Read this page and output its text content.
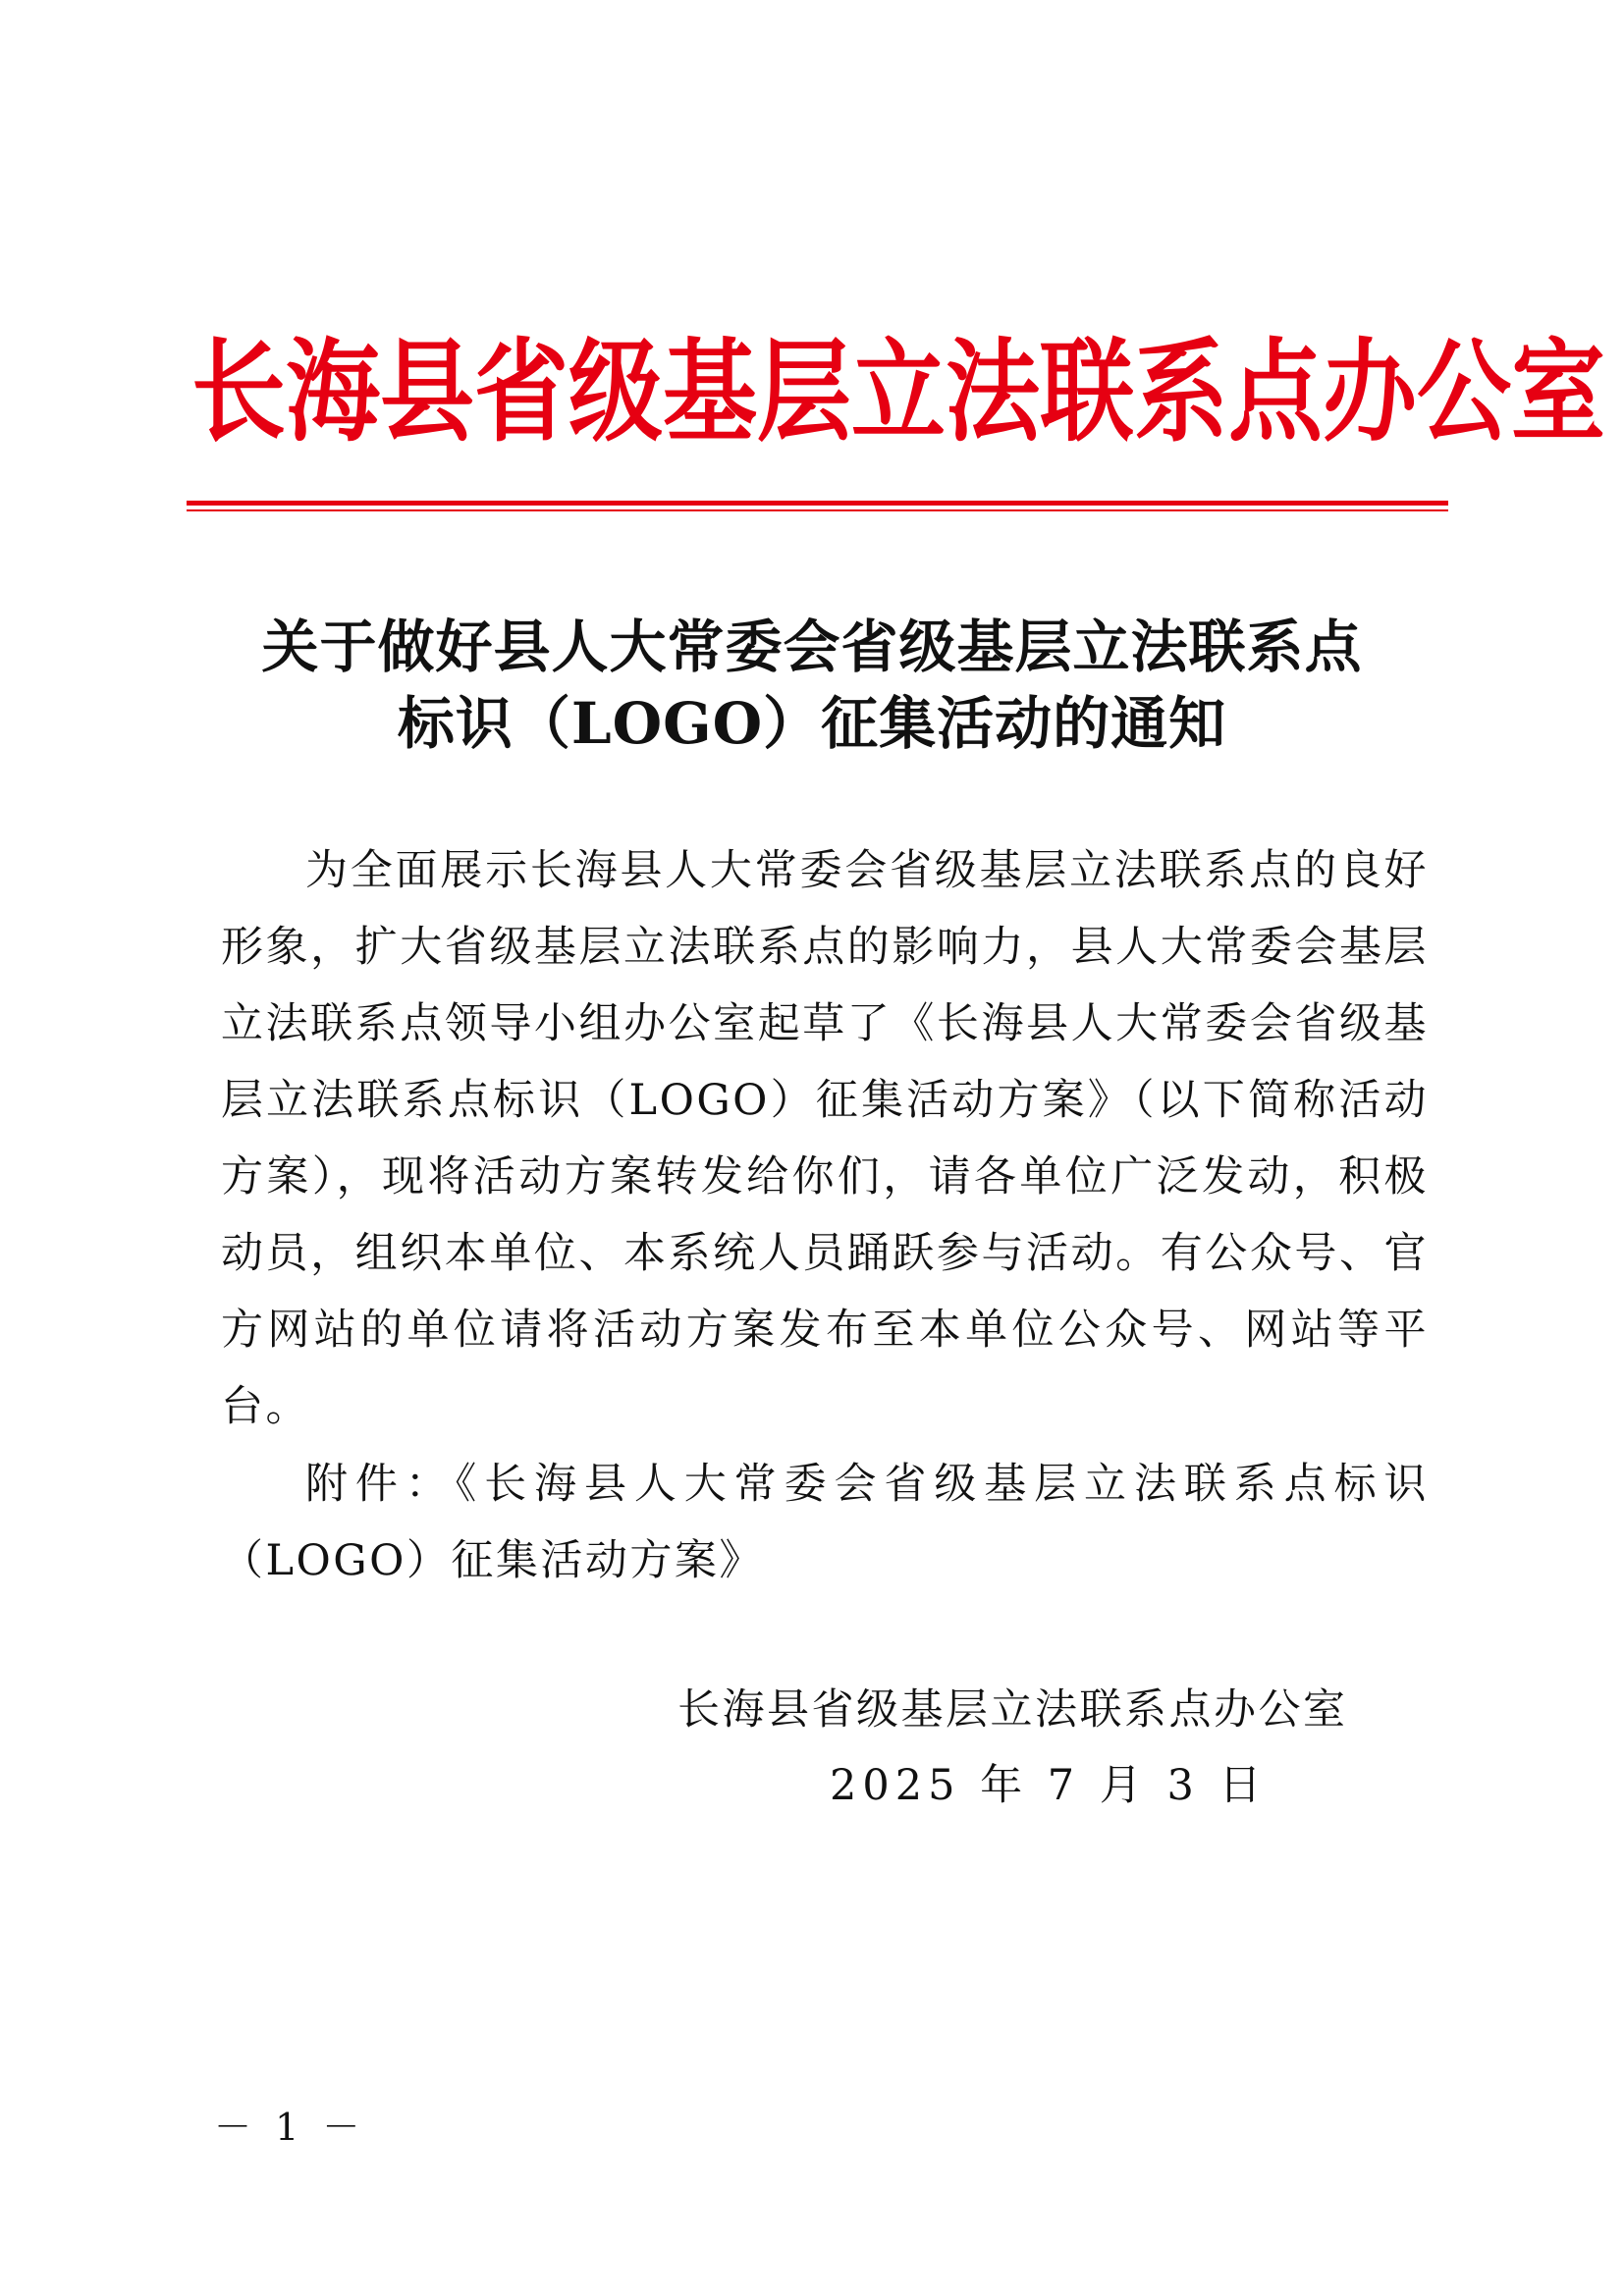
长 海 县 省 级 基 层 立 法 联 系 点 办 公 室
关于做好县人大常委会省级基层立法联系点
标识（LOGO）征集活动的通知
为全面展示长海县人大常委会省级基层立法联系点的良好形象，扩大省级基层立法联系点的影响力，县人大常委会基层立法联系点领导小组办公室起草了《长海县人大常委会省级基层立法联系点标识（LOGO）征集活动方案》（以下简称活动方案），现将活动方案转发给你们，请各单位广泛发动，积极动员，组织本单位、本系统人员踊跃参与活动。有公众号、官方网站的单位请将活动方案发布至本单位公众号、网站等平台。
附件：《长海县人大常委会省级基层立法联系点标识（LOGO）征集活动方案》
长海县省级基层立法联系点办公室
2025 年 7 月 3 日
－ 1 －
